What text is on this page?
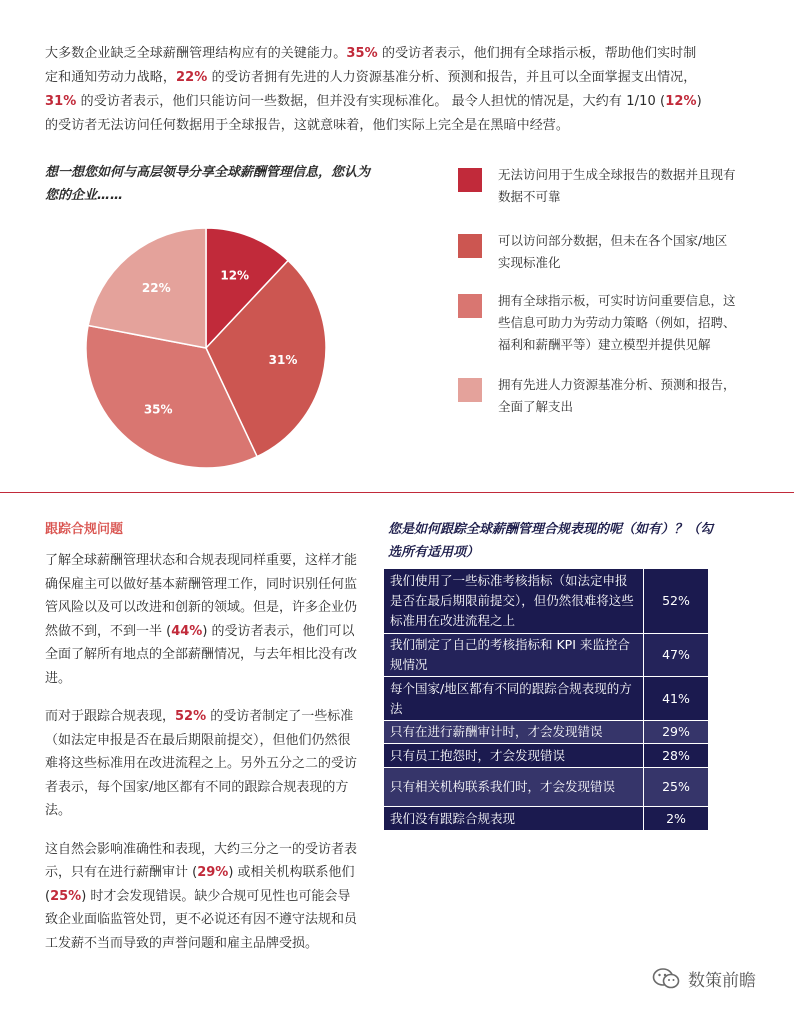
大多数企业缺乏全球薪酬管理结构应有的关键能力。35% 的受访者表示，他们拥有全球指示板，帮助他们实时制定和通知劳动力战略，22% 的受访者拥有先进的人力资源基准分析、预测和报告，并且可以全面掌握支出情况，31% 的受访者表示，他们只能访问一些数据，但并没有实现标准化。 最令人担忧的情况是，大约有 1/10 (12%) 的受访者无法访问任何数据用于全球报告，这就意味着，他们实际上完全是在黑暗中经营。
想一想您如何与高层领导分享全球薪酬管理信息，您认为您的企业……
12%
31%
35%
22%
无法访问用于生成全球报告的数据并且现有数据不可靠
可以访问部分数据，但未在各个国家/地区实现标准化
拥有全球指示板，可实时访问重要信息，这些信息可助力为劳动力策略（例如，招聘、福利和薪酬平等）建立模型并提供见解
拥有先进人力资源基准分析、预测和报告，全面了解支出
跟踪合规问题

了解全球薪酬管理状态和合规表现同样重要，这样才能确保雇主可以做好基本薪酬管理工作，同时识别任何监管风险以及可以改进和创新的领域。但是，许多企业仍然做不到，不到一半 (44%) 的受访者表示，他们可以全面了解所有地点的全部薪酬情况，与去年相比没有改进。

而对于跟踪合规表现，52% 的受访者制定了一些标准（如法定申报是否在最后期限前提交），但他们仍然很难将这些标准用在改进流程之上。另外五分之二的受访者表示，每个国家/地区都有不同的跟踪合规表现的方法。

这自然会影响准确性和表现，大约三分之一的受访者表示，只有在进行薪酬审计 (29%) 或相关机构联系他们 (25%) 时才会发现错误。缺少合规可见性也可能会导致企业面临监管处罚，更不必说还有因不遵守法规和员工发薪不当而导致的声誉问题和雇主品牌受损。

您是如何跟踪全球薪酬管理合规表现的呢（如有）？（勾选所有适用项）
我们使用了一些标准考核指标（如法定申报是否在最后期限前提交），但仍然很难将这些标准用在改进流程之上	52%
我们制定了自己的考核指标和 KPI 来监控合规情况	47%
每个国家/地区都有不同的跟踪合规表现的方法	41%
只有在进行薪酬审计时，才会发现错误	29%
只有员工抱怨时，才会发现错误	28%
只有相关机构联系我们时，才会发现错误	25%
我们没有跟踪合规表现	2%
数策前瞻
